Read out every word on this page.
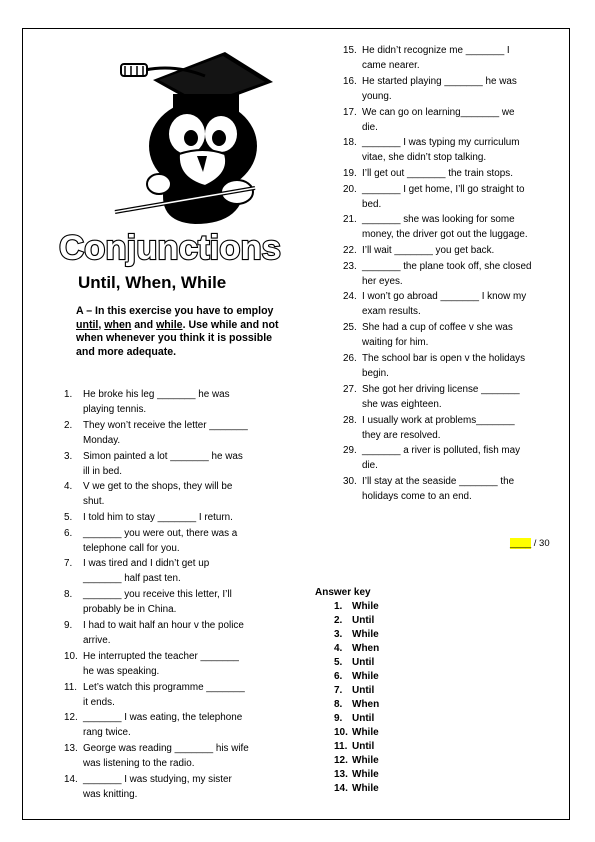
Conjunctions
Until, When, While
A – In this exercise you have to employ until, when and while. Use while and not when whenever you think it is possible and more adequate.
1. He broke his leg _______ he was
playing tennis.
2. They won’t receive the letter _______
Monday.
3. Simon painted a lot _______ he was
ill in bed.
4. V we get to the shops, they will be
shut.
5. I told him to stay _______ I return.
6. _______ you were out, there was a
telephone call for you.
7. I was tired and I didn’t get up
_______ half past ten.
8. _______ you receive this letter, I’ll
probably be in China.
9. I had to wait half an hour v the police
arrive.
10. He interrupted the teacher _______
he was speaking.
11. Let’s watch this programme _______
it ends.
12. _______ I was eating, the telephone
rang twice.
13. George was reading _______ his wife
was listening to the radio.
14. _______ I was studying, my sister
was knitting.
15. He didn’t recognize me _______ I
came nearer.
16. He started playing _______ he was
young.
17. We can go on learning_______ we
die.
18. _______ I was typing my curriculum
vitae, she didn’t stop talking.
19. I’ll get out _______ the train stops.
20. _______ I get home, I’ll go straight to
bed.
21. _______ she was looking for some
money, the driver got out the luggage.
22. I’ll wait _______ you get back.
23. _______ the plane took off, she closed
her eyes.
24. I won’t go abroad _______ I know my
exam results.
25. She had a cup of coffee v she was
waiting for him.
26. The school bar is open v the holidays
begin.
27. She got her driving license _______
she was eighteen.
28. I usually work at problems_______
they are resolved.
29. _______ a river is polluted, fish may
die.
30. I’ll stay at the seaside _______ the
holidays come to an end.
____ / 30
Answer key
1. While
2. Until
3. While
4. When
5. Until
6. While
7. Until
8. When
9. Until
10. While
11. Until
12. While
13. While
14. While
